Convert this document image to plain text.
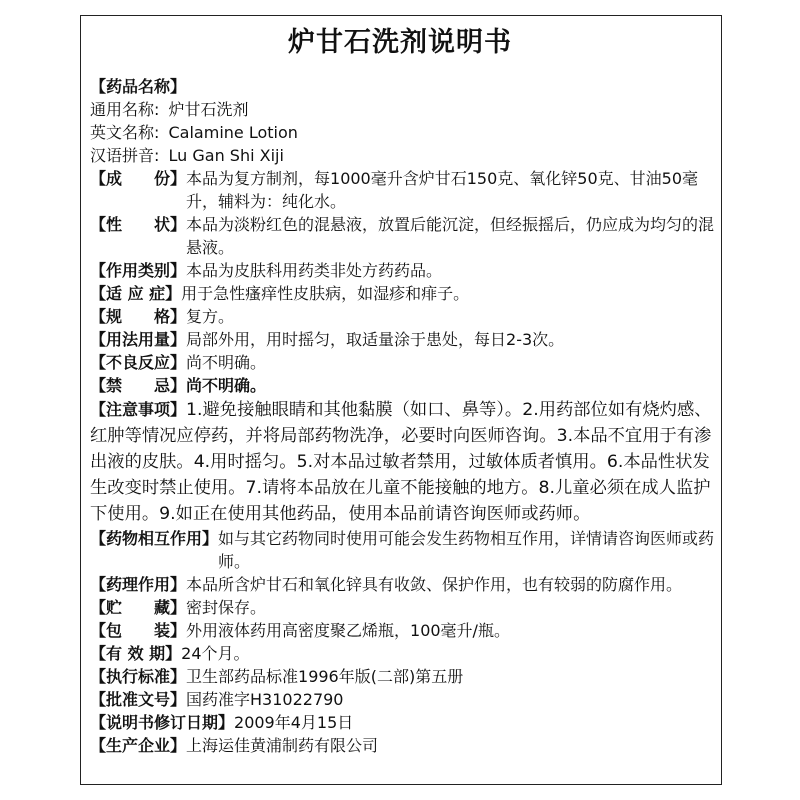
炉甘石洗剂说明书
【药品名称】
通用名称: 炉甘石洗剂
英文名称: Calamine Lotion
汉语拼音: Lu Gan Shi Xiji
【成　　份】 本品为复方制剂，每1000毫升含炉甘石150克、氧化锌50克、甘油50毫升，辅料为：纯化水。
【性　　状】 本品为淡粉红色的混悬液，放置后能沉淀，但经振摇后，仍应成为均匀的混悬液。
【作用类别】 本品为皮肤科用药类非处方药药品。
【适 应 症】 用于急性瘙痒性皮肤病，如湿疹和痱子。
【规　　格】 复方。
【用法用量】 局部外用，用时摇匀，取适量涂于患处，每日2-3次。
【不良反应】 尚不明确。
【禁　　忌】 尚不明确。
【注意事项】1.避免接触眼睛和其他黏膜（如口、鼻等）。2.用药部位如有烧灼感、红肿等情况应停药，并将局部药物洗净，必要时向医师咨询。3.本品不宜用于有渗出液的皮肤。4.用时摇匀。5.对本品过敏者禁用，过敏体质者慎用。6.本品性状发生改变时禁止使用。7.请将本品放在儿童不能接触的地方。8.儿童必须在成人监护下使用。9.如正在使用其他药品，使用本品前请咨询医师或药师。
【药物相互作用】 如与其它药物同时使用可能会发生药物相互作用，详情请咨询医师或药师。
【药理作用】 本品所含炉甘石和氧化锌具有收敛、保护作用，也有较弱的防腐作用。
【贮　　藏】 密封保存。
【包　　装】 外用液体药用高密度聚乙烯瓶，100毫升/瓶。
【有 效 期】 24个月。
【执行标准】 卫生部药品标准1996年版(二部)第五册
【批准文号】 国药准字H31022790
【说明书修订日期】 2009年4月15日
【生产企业】 上海运佳黄浦制药有限公司
